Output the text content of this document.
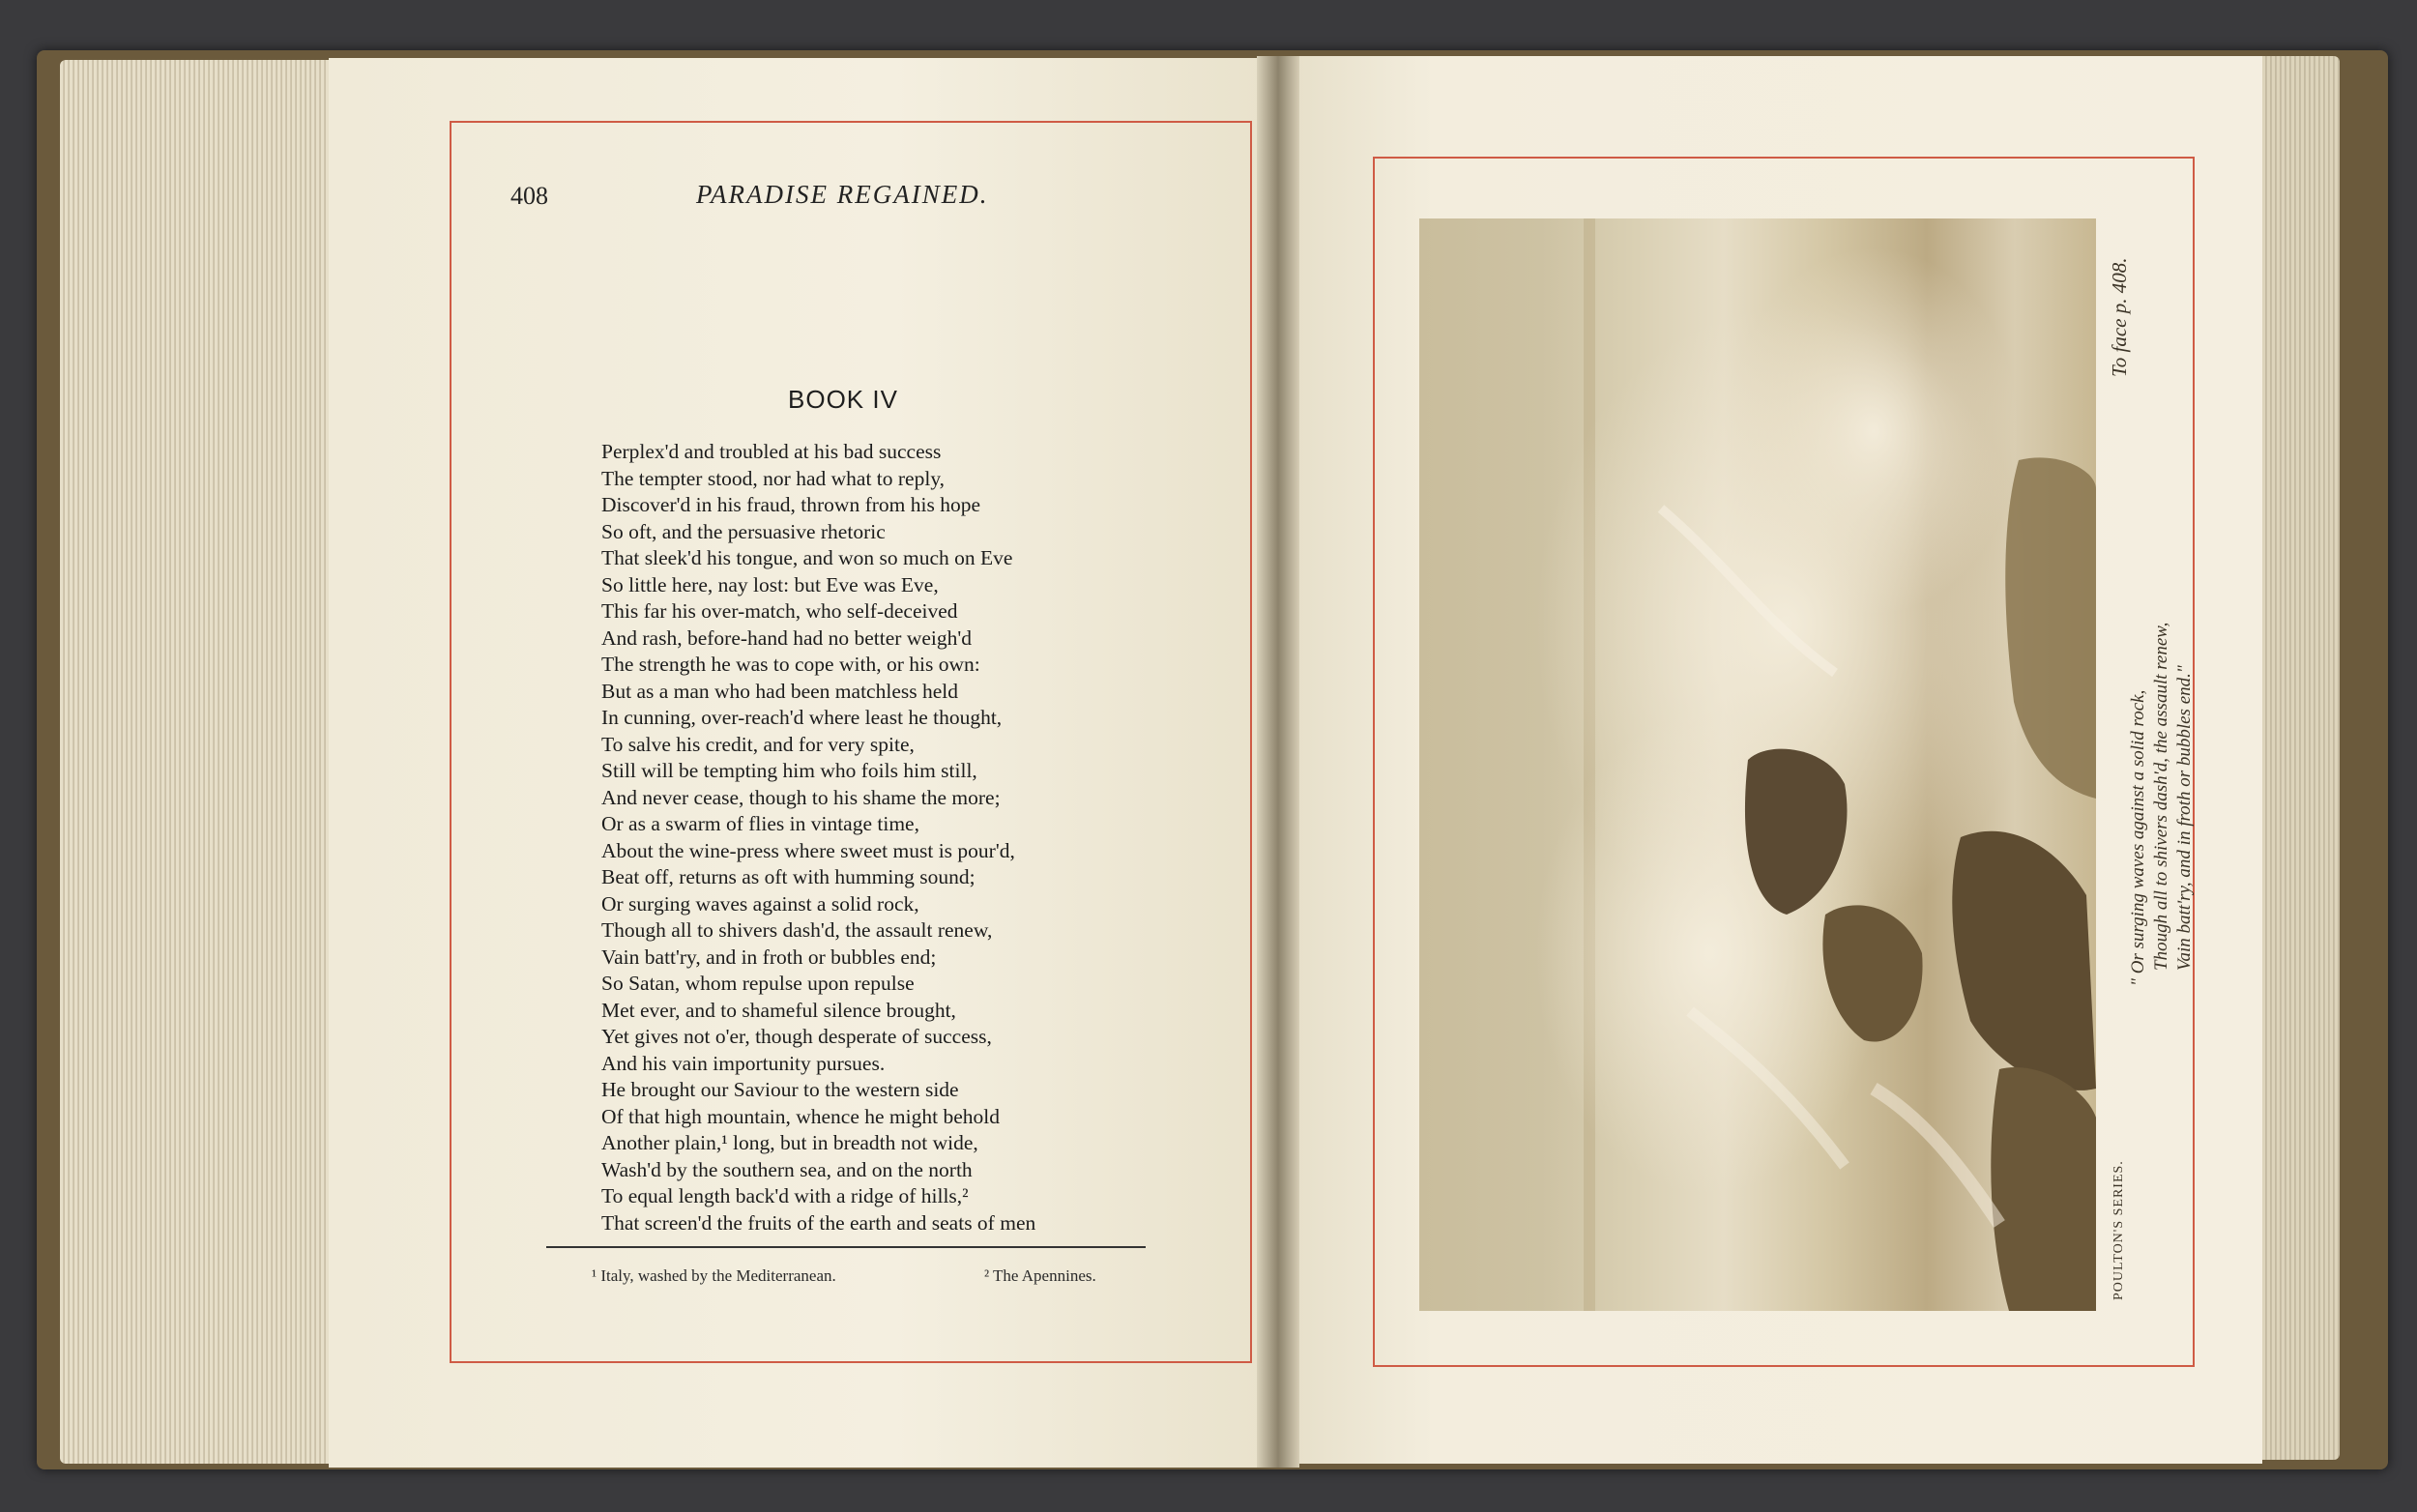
408	PARADISE REGAINED.
BOOK IV
Perplex'd and troubled at his bad success
The tempter stood, nor had what to reply,
Discover'd in his fraud, thrown from his hope
So oft, and the persuasive rhetoric
That sleek'd his tongue, and won so much on Eve
So little here, nay lost: but Eve was Eve,
This far his over-match, who self-deceived
And rash, before-hand had no better weigh'd
The strength he was to cope with, or his own:
But as a man who had been matchless held
In cunning, over-reach'd where least he thought,
To salve his credit, and for very spite,
Still will be tempting him who foils him still,
And never cease, though to his shame the more;
Or as a swarm of flies in vintage time,
About the wine-press where sweet must is pour'd,
Beat off, returns as oft with humming sound;
Or surging waves against a solid rock,
Though all to shivers dash'd, the assault renew,
Vain batt'ry, and in froth or bubbles end;
So Satan, whom repulse upon repulse
Met ever, and to shameful silence brought,
Yet gives not o'er, though desperate of success,
And his vain importunity pursues.
He brought our Saviour to the western side
Of that high mountain, whence he might behold
Another plain,¹ long, but in breadth not wide,
Wash'd by the southern sea, and on the north
To equal length back'd with a ridge of hills,²
That screen'd the fruits of the earth and seats of men
¹ Italy, washed by the Mediterranean.	² The Apennines.
To face p. 408.
" Or surging waves against a solid rock, Though all to shivers dash'd, the assault renew, Vain batt'ry, and in froth or bubbles end."
POULTON'S SERIES.
